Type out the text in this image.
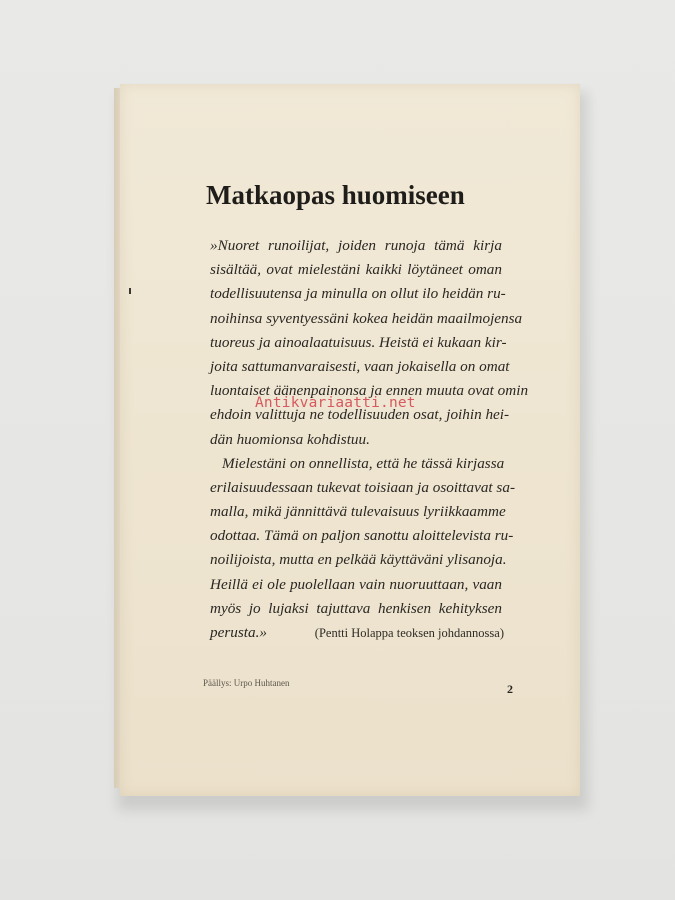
Matkaopas huomiseen
»Nuoret runoilijat, joiden runoja tämä kirja
sisältää, ovat mielestäni kaikki löytäneet oman
todellisuutensa ja minulla on ollut ilo heidän ru-
noihinsa syventyessäni kokea heidän maailmojensa
tuoreus ja ainoalaatuisuus. Heistä ei kukaan kir-
joita sattumanvaraisesti, vaan jokaisella on omat
luontaiset äänenpainonsa ja ennen muuta ovat omin
ehdoin valittuja ne todellisuuden osat, joihin hei-
dän huomionsa kohdistuu.
Mielestäni on onnellista, että he tässä kirjassa
erilaisuudessaan tukevat toisiaan ja osoittavat sa-
malla, mikä jännittävä tulevaisuus lyriikkaamme
odottaa. Tämä on paljon sanottu aloittelevista ru-
noilijoista, mutta en pelkää käyttäväni ylisanoja.
Heillä ei ole puolellaan vain nuoruuttaan, vaan
myös jo lujaksi tajuttava henkisen kehityksen
perusta.»	(Pentti Holappa teoksen johdannossa)
Antikvariaatti.net
Päällys: Urpo Huhtanen	2
